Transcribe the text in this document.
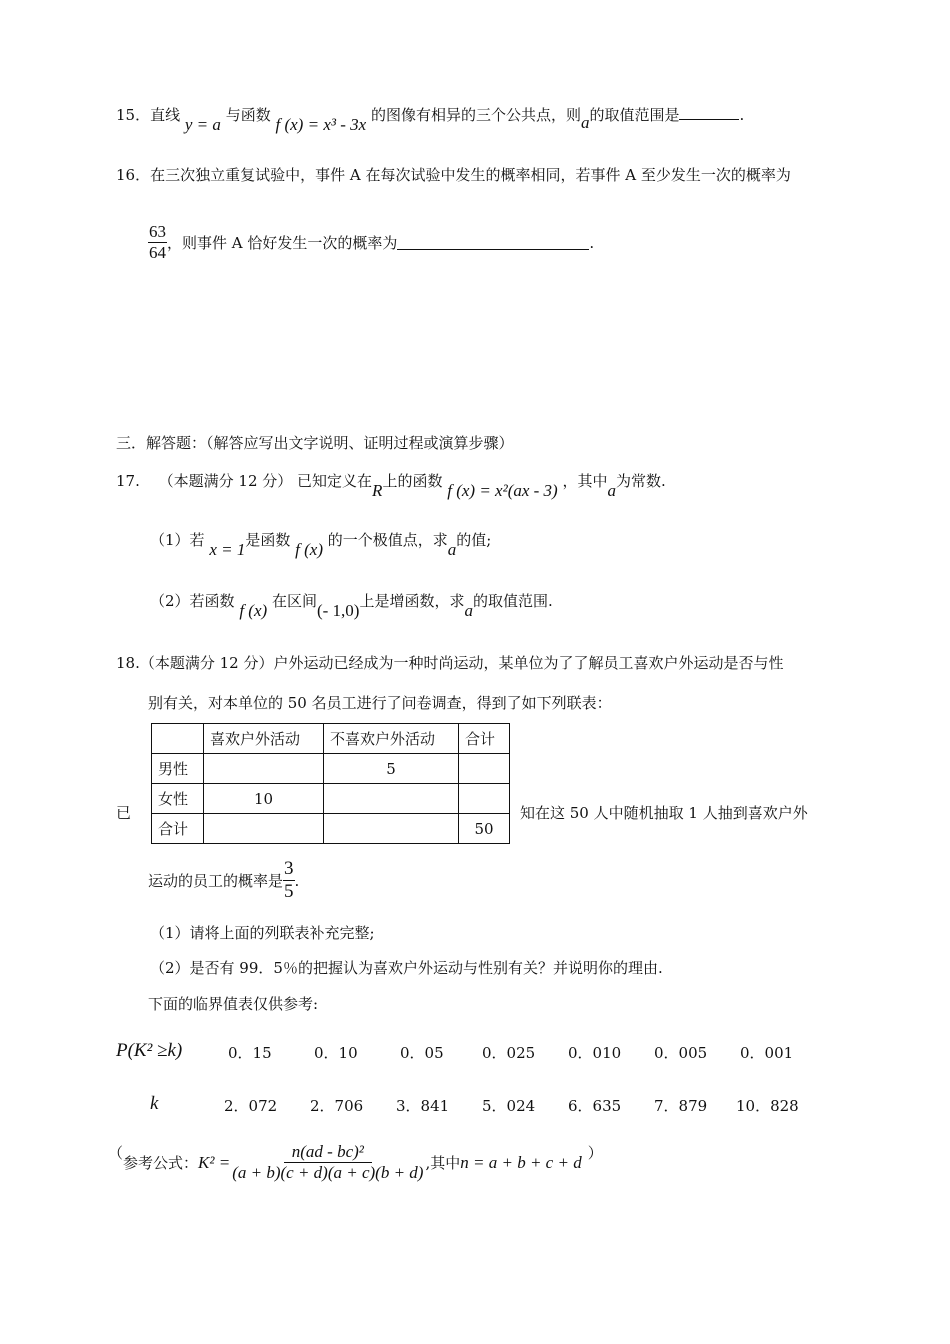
15．直线 y = a 与函数 f (x) = x³ - 3x 的图像有相异的三个公共点，则a的取值范围是	.
16．在三次独立重复试验中，事件 A 在每次试验中发生的概率相同，若事件 A 至少发生一次的概率为
$\frac{63}{64}$ ，则事件 A 恰好发生一次的概率为	.
三．解答题：（解答应写出文字说明、证明过程或演算步骤）
17. （本题满分 12 分） 已知定义在R上的函数 f (x) = x²(ax - 3) ，其中a为常数.
（1）若 x = 1是函数 f (x) 的一个极值点，求a的值;
（2）若函数 f (x) 在区间(- 1,0)上是增函数，求a的取值范围.
18.（本题满分 12 分）户外运动已经成为一种时尚运动，某单位为了了解员工喜欢户外运动是否与性
别有关，对本单位的 50 名员工进行了问卷调查，得到了如下列联表：
	喜欢户外活动	不喜欢户外活动	合计
男性		5	
女性	10		
合计			50
已	知在这 50 人中随机抽取 1 人抽到喜欢户外
运动的员工的概率是 $\frac{3}{5}$ .
（1）请将上面的列联表补充完整;
（2）是否有 99．5％的把握认为喜欢户外运动与性别有关？并说明你的理由.
下面的临界值表仅供参考:
P(K² ≥k)	0．15	0．10	0．05	0．025 0．010 0．005 0．001
k	2．072 2．706 3．841 5．024 6．635 7．879 10．828
（
参考公式： $K^2 = \frac{\text{n(ad - bc)²}}{(a + b)(c + d)(a + c)(b + d)}$ ,其中 n = a + b + c + d ）
